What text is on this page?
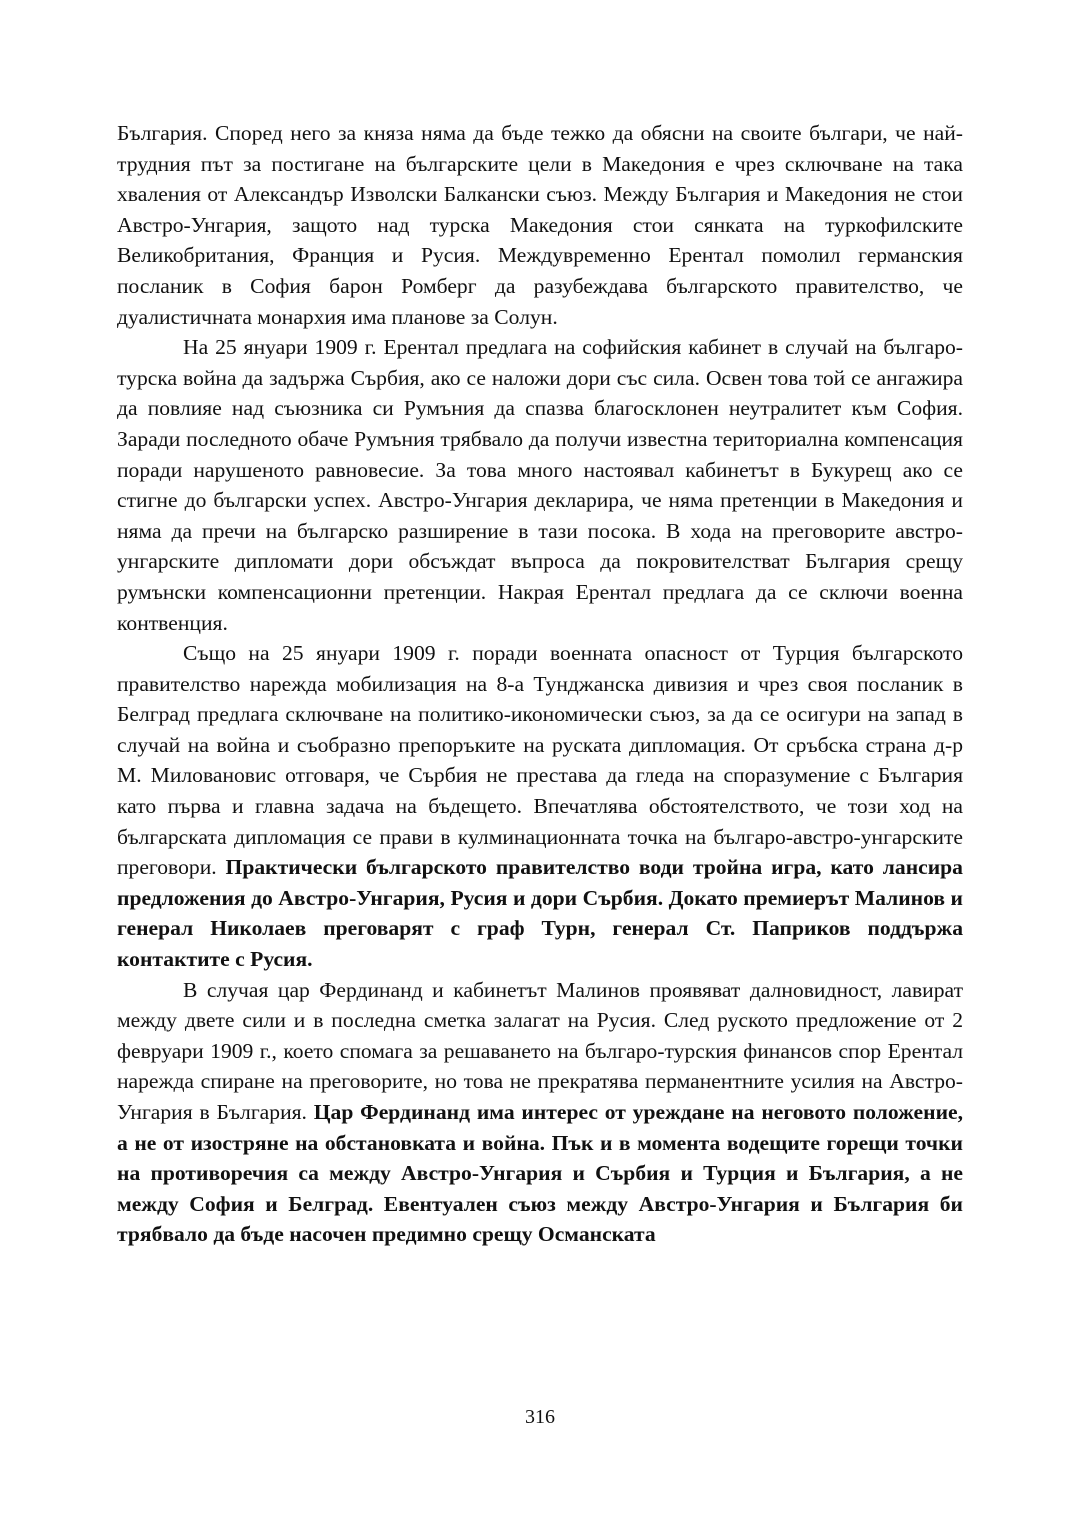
България. Според него за княза няма да бъде тежко да обясни на своите българи, че най-трудния път за постигане на българските цели в Македония е чрез сключване на така хваления от Александър Изволски Балкански съюз. Между България и Македония не стои Австро-Унгария, защото над турска Македония стои сянката на туркофилските Великобритания, Франция и Русия. Междувременно Ерентал помолил германския посланик в София барон Ромберг да разубеждава българското правителство, че дуалистичната монархия има планове за Солун.

На 25 януари 1909 г. Ерентал предлага на софийския кабинет в случай на българо-турска война да задържа Сърбия, ако се наложи дори със сила. Освен това той се ангажира да повлияе над съюзника си Румъния да спазва благосклонен неутралитет към София. Заради последното обаче Румъния трябвало да получи известна териториална компенсация поради нарушеното равновесие. За това много настоявал кабинетът в Букурещ ако се стигне до български успех. Австро-Унгария декларира, че няма претенции в Македония и няма да пречи на българско разширение в тази посока. В хода на преговорите австро-унгарските дипломати дори обсъждат въпроса да покровителстват България срещу румънски компенсационни претенции. Накрая Ерентал предлага да се сключи военна контвенция.

Също на 25 януари 1909 г. поради военната опасност от Турция българското правителство нарежда мобилизация на 8-а Тунджанска дивизия и чрез своя посланик в Белград предлага сключване на политико-икономически съюз, за да се осигури на запад в случай на война и съобразно препоръките на руската дипломация. От сръбска страна д-р М. Миловановис отговаря, че Сърбия не престава да гледа на споразумение с България като първа и главна задача на бъдещето. Впечатлява обстоятелството, че този ход на българската дипломация се прави в кулминационната точка на българо-австро-унгарските преговори. Практически българското правителство води тройна игра, като лансира предложения до Австро-Унгария, Русия и дори Сърбия. Докато премиерът Малинов и генерал Николаев преговарят с граф Турн, генерал Ст. Паприков поддържа контактите с Русия.

В случая цар Фердинанд и кабинетът Малинов проявяват далновидност, лавират между двете сили и в последна сметка залагат на Русия. След руското предложение от 2 февруари 1909 г., което спомага за решаването на българо-турския финансов спор Ерентал нарежда спиране на преговорите, но това не прекратява перманентните усилия на Австро-Унгария в България. Цар Фердинанд има интерес от уреждане на неговото положение, а не от изостряне на обстановката и война. Пък и в момента водещите горещи точки на противоречия са между Австро-Унгария и Сърбия и Турция и България, а не между София и Белград. Евентуален съюз между Австро-Унгария и България би трябвало да бъде насочен предимно срещу Османската

316
